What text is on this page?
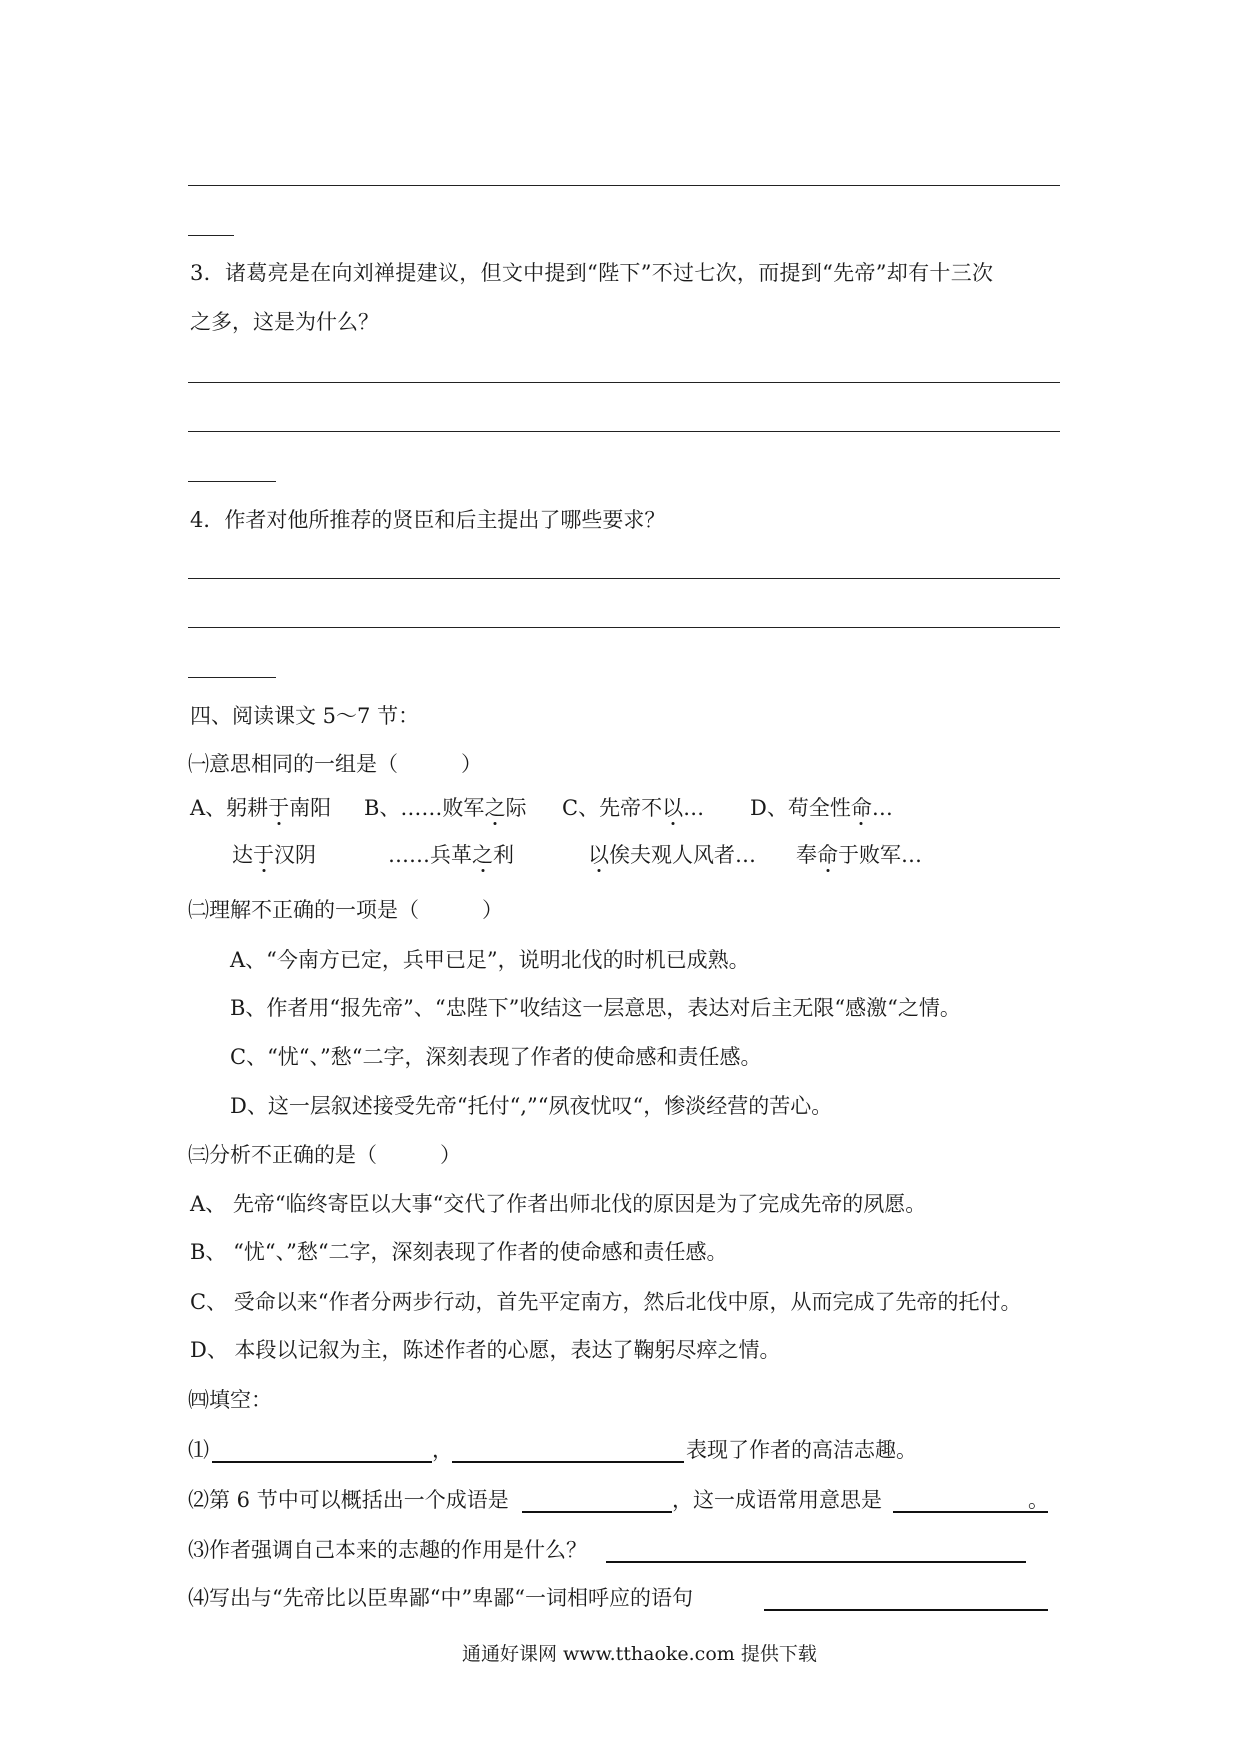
3．诸葛亮是在向刘禅提建议，但文中提到“陛下”不过七次，而提到“先帝”却有十三次
之多，这是为什么？
4．作者对他所推荐的贤臣和后主提出了哪些要求？
四、阅读课文 5～7 节：
㈠意思相同的一组是（　　　）
A、躬耕于南阳 B、……败军之际 C、先帝不以… D、苟全性命…
达于汉阴	……兵革之利	以俟夫观人风者… 奉命于败军…
㈡理解不正确的一项是（　　　）
A、“今南方已定，兵甲已足”，说明北伐的时机已成熟。
B、作者用“报先帝”、“忠陛下”收结这一层意思，表达对后主无限“感激“之情。
C、“忧“、”愁“二字，深刻表现了作者的使命感和责任感。
D、这一层叙述接受先帝“托付“,”“夙夜忧叹“，惨淡经营的苦心。
㈢分析不正确的是（　　　）
A、 先帝“临终寄臣以大事“交代了作者出师北伐的原因是为了完成先帝的夙愿。
B、 “忧“、”愁“二字，深刻表现了作者的使命感和责任感。
C、 受命以来“作者分两步行动，首先平定南方，然后北伐中原，从而完成了先帝的托付。
D、 本段以记叙为主，陈述作者的心愿，表达了鞠躬尽瘁之情。
㈣填空：
⑴	，	表现了作者的高洁志趣。
⑵第 6 节中可以概括出一个成语是	，这一成语常用意思是	。
⑶作者强调自己本来的志趣的作用是什么？
⑷写出与“先帝比以臣卑鄙“中”卑鄙“一词相呼应的语句
通通好课网 www.tthaoke.com 提供下载
